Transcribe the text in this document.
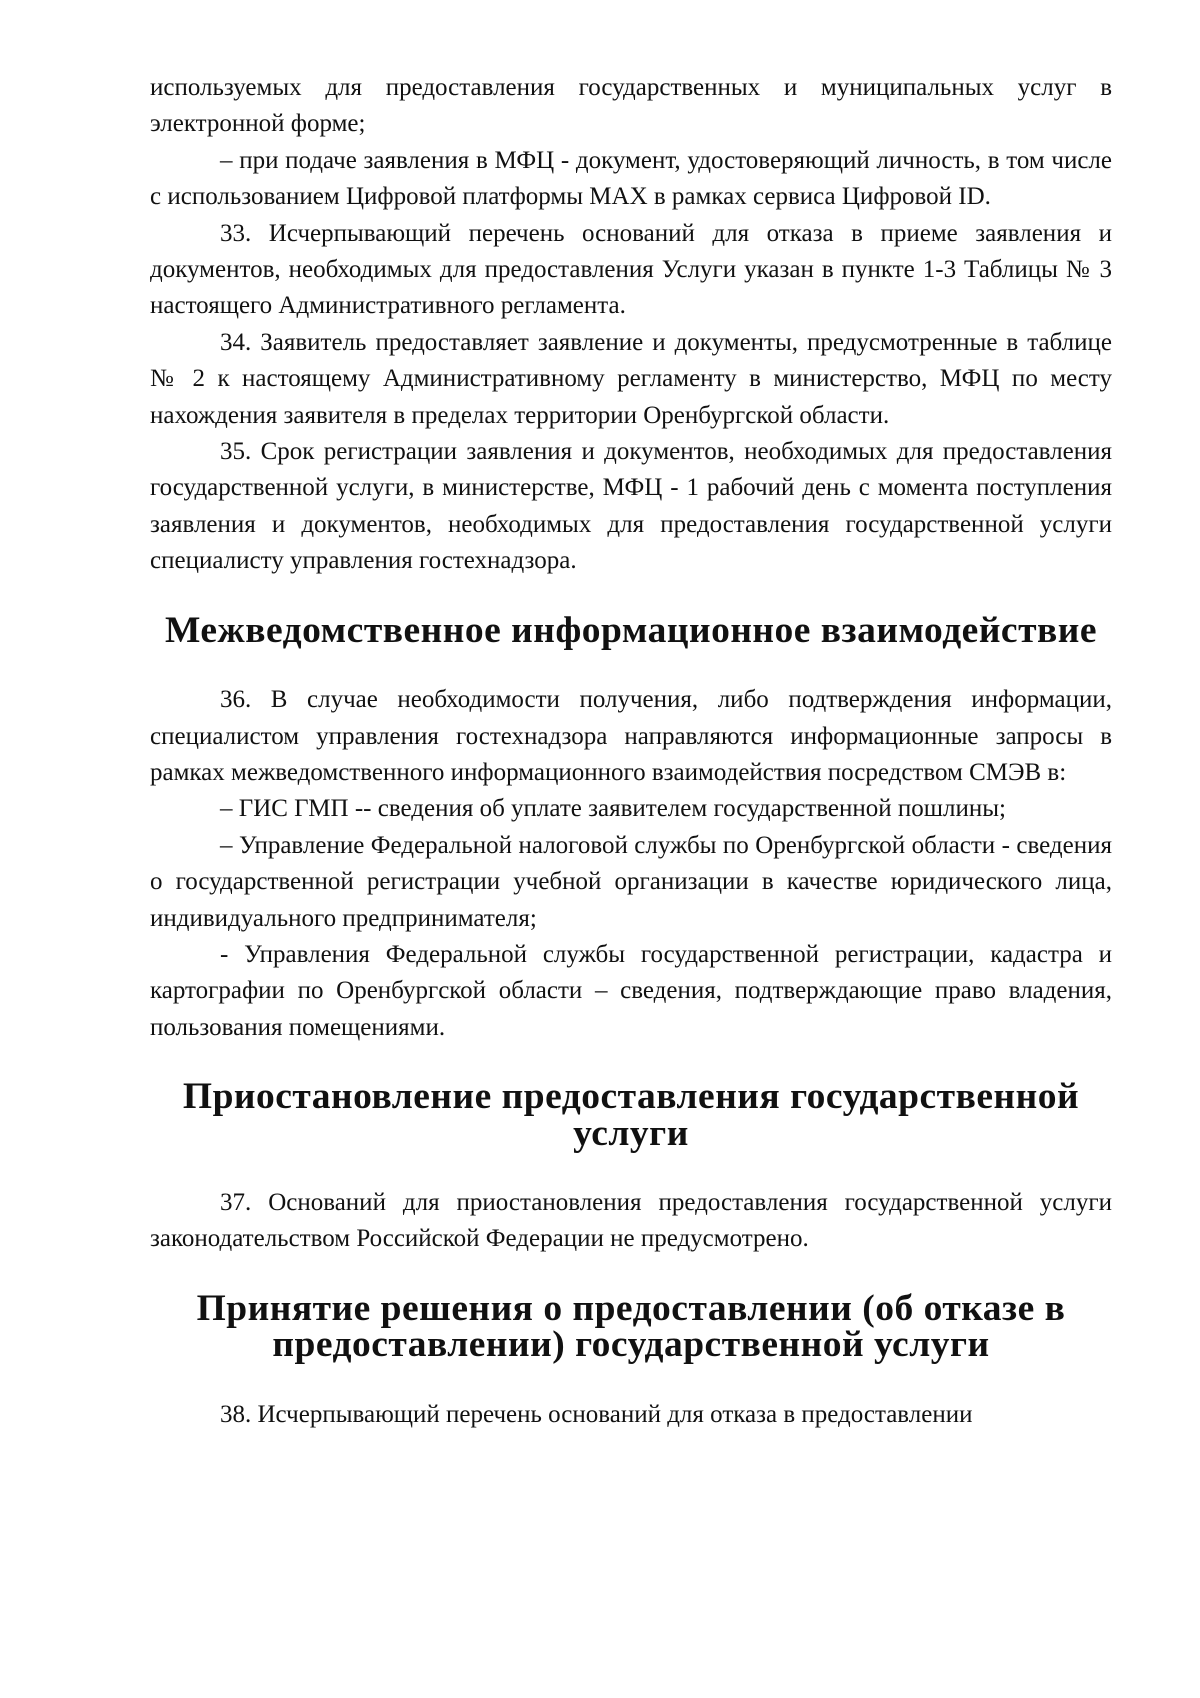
используемых для предоставления государственных и муниципальных услуг в электронной форме;

– при подаче заявления в МФЦ - документ, удостоверяющий личность, в том числе с использованием Цифровой платформы МАХ в рамках сервиса Цифровой ID.

33. Исчерпывающий перечень оснований для отказа в приеме заявления и документов, необходимых для предоставления Услуги указан в пункте 1-3 Таблицы № 3 настоящего Административного регламента.

34. Заявитель предоставляет заявление и документы, предусмотренные в таблице № 2 к настоящему Административному регламенту в министерство, МФЦ по месту нахождения заявителя в пределах территории Оренбургской области.

35. Срок регистрации заявления и документов, необходимых для предоставления государственной услуги, в министерстве, МФЦ - 1 рабочий день с момента поступления заявления и документов, необходимых для предоставления государственной услуги специалисту управления гостехнадзора.

Межведомственное информационное взаимодействие

36. В случае необходимости получения, либо подтверждения информации, специалистом управления гостехнадзора направляются информационные запросы в рамках межведомственного информационного взаимодействия посредством СМЭВ в:

– ГИС ГМП -- сведения об уплате заявителем государственной пошлины;

– Управление Федеральной налоговой службы по Оренбургской области - сведения о государственной регистрации учебной организации в качестве юридического лица, индивидуального предпринимателя;

- Управления Федеральной службы государственной регистрации, кадастра и картографии по Оренбургской области – сведения, подтверждающие право владения, пользования помещениями.

Приостановление предоставления государственной услуги

37. Оснований для приостановления предоставления государственной услуги законодательством Российской Федерации не предусмотрено.

Принятие решения о предоставлении (об отказе в предоставлении) государственной услуги

38. Исчерпывающий перечень оснований для отказа в предоставлении
